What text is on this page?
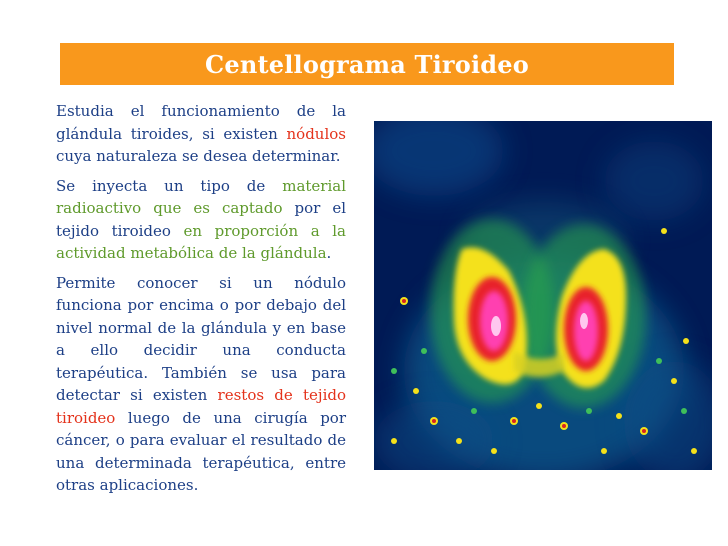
Centellograma Tiroideo

Estudia el funcionamiento de la glándula tiroides, si existen nódulos cuya naturaleza se desea determinar.

Se inyecta un tipo de material radioactivo que es captado por el tejido tiroideo en proporción a la actividad metabólica de la glándula.

Permite conocer si un nódulo funciona por encima o por debajo del nivel normal de la glándula y en base a ello decidir una conducta terapéutica. También se usa para detectar si existen restos de tejido tiroideo luego de una cirugía por cáncer, o para evaluar el resultado de una determinada terapéutica, entre otras aplicaciones.
